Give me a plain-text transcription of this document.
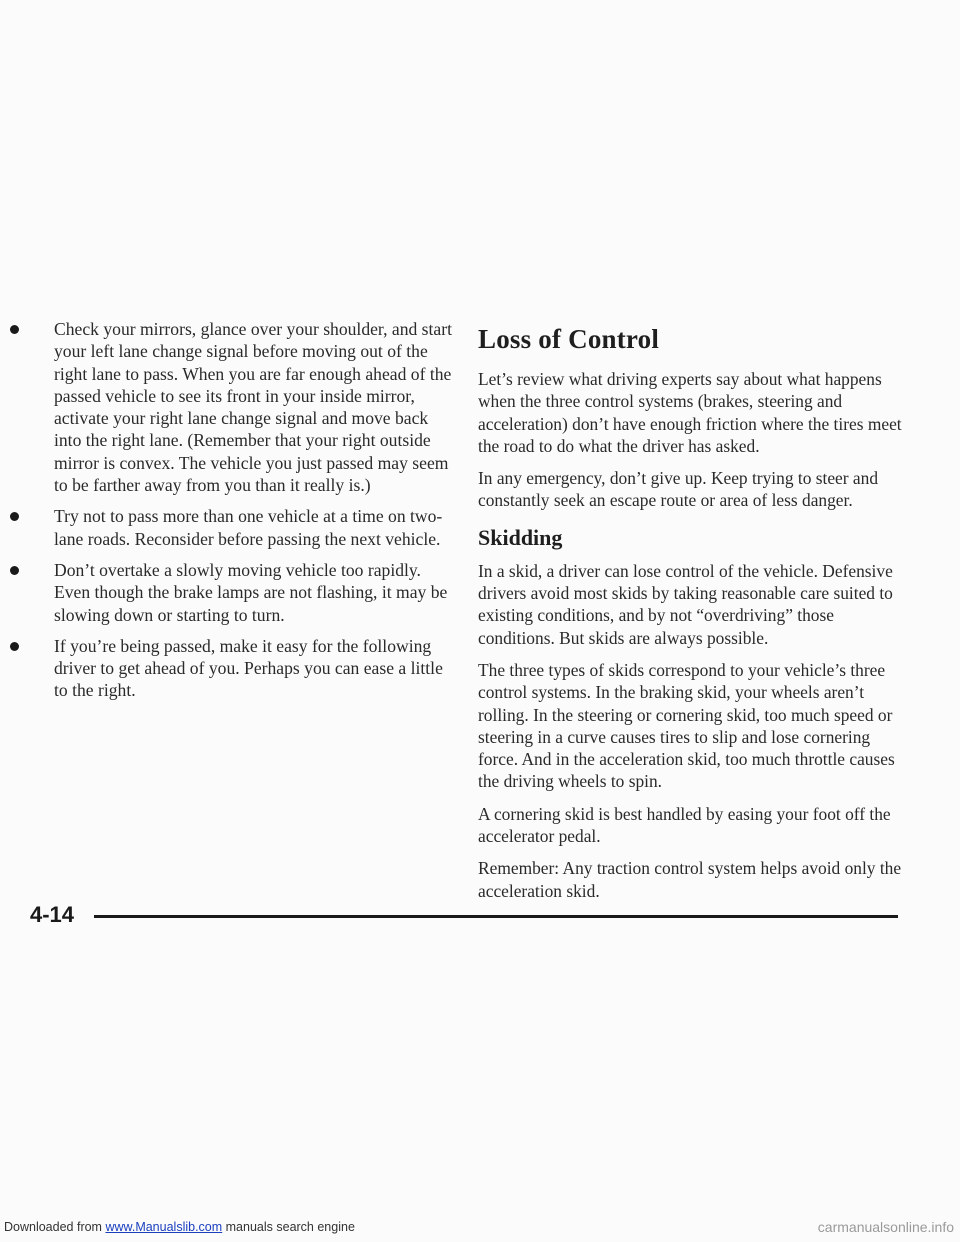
Check your mirrors, glance over your shoulder, and start your left lane change signal before moving out of the right lane to pass. When you are far enough ahead of the passed vehicle to see its front in your inside mirror, activate your right lane change signal and move back into the right lane. (Remember that your right outside mirror is convex. The vehicle you just passed may seem to be farther away from you than it really is.)
Try not to pass more than one vehicle at a time on two-lane roads. Reconsider before passing the next vehicle.
Don’t overtake a slowly moving vehicle too rapidly. Even though the brake lamps are not flashing, it may be slowing down or starting to turn.
If you’re being passed, make it easy for the following driver to get ahead of you. Perhaps you can ease a little to the right.
Loss of Control

Let’s review what driving experts say about what happens when the three control systems (brakes, steering and acceleration) don’t have enough friction where the tires meet the road to do what the driver has asked.

In any emergency, don’t give up. Keep trying to steer and constantly seek an escape route or area of less danger.

Skidding

In a skid, a driver can lose control of the vehicle. Defensive drivers avoid most skids by taking reasonable care suited to existing conditions, and by not “overdriving” those conditions. But skids are always possible.

The three types of skids correspond to your vehicle’s three control systems. In the braking skid, your wheels aren’t rolling. In the steering or cornering skid, too much speed or steering in a curve causes tires to slip and lose cornering force. And in the acceleration skid, too much throttle causes the driving wheels to spin.

A cornering skid is best handled by easing your foot off the accelerator pedal.

Remember: Any traction control system helps avoid only the acceleration skid.

4-14
Downloaded from www.Manualslib.com manuals search engine	carmanualsonline.info
